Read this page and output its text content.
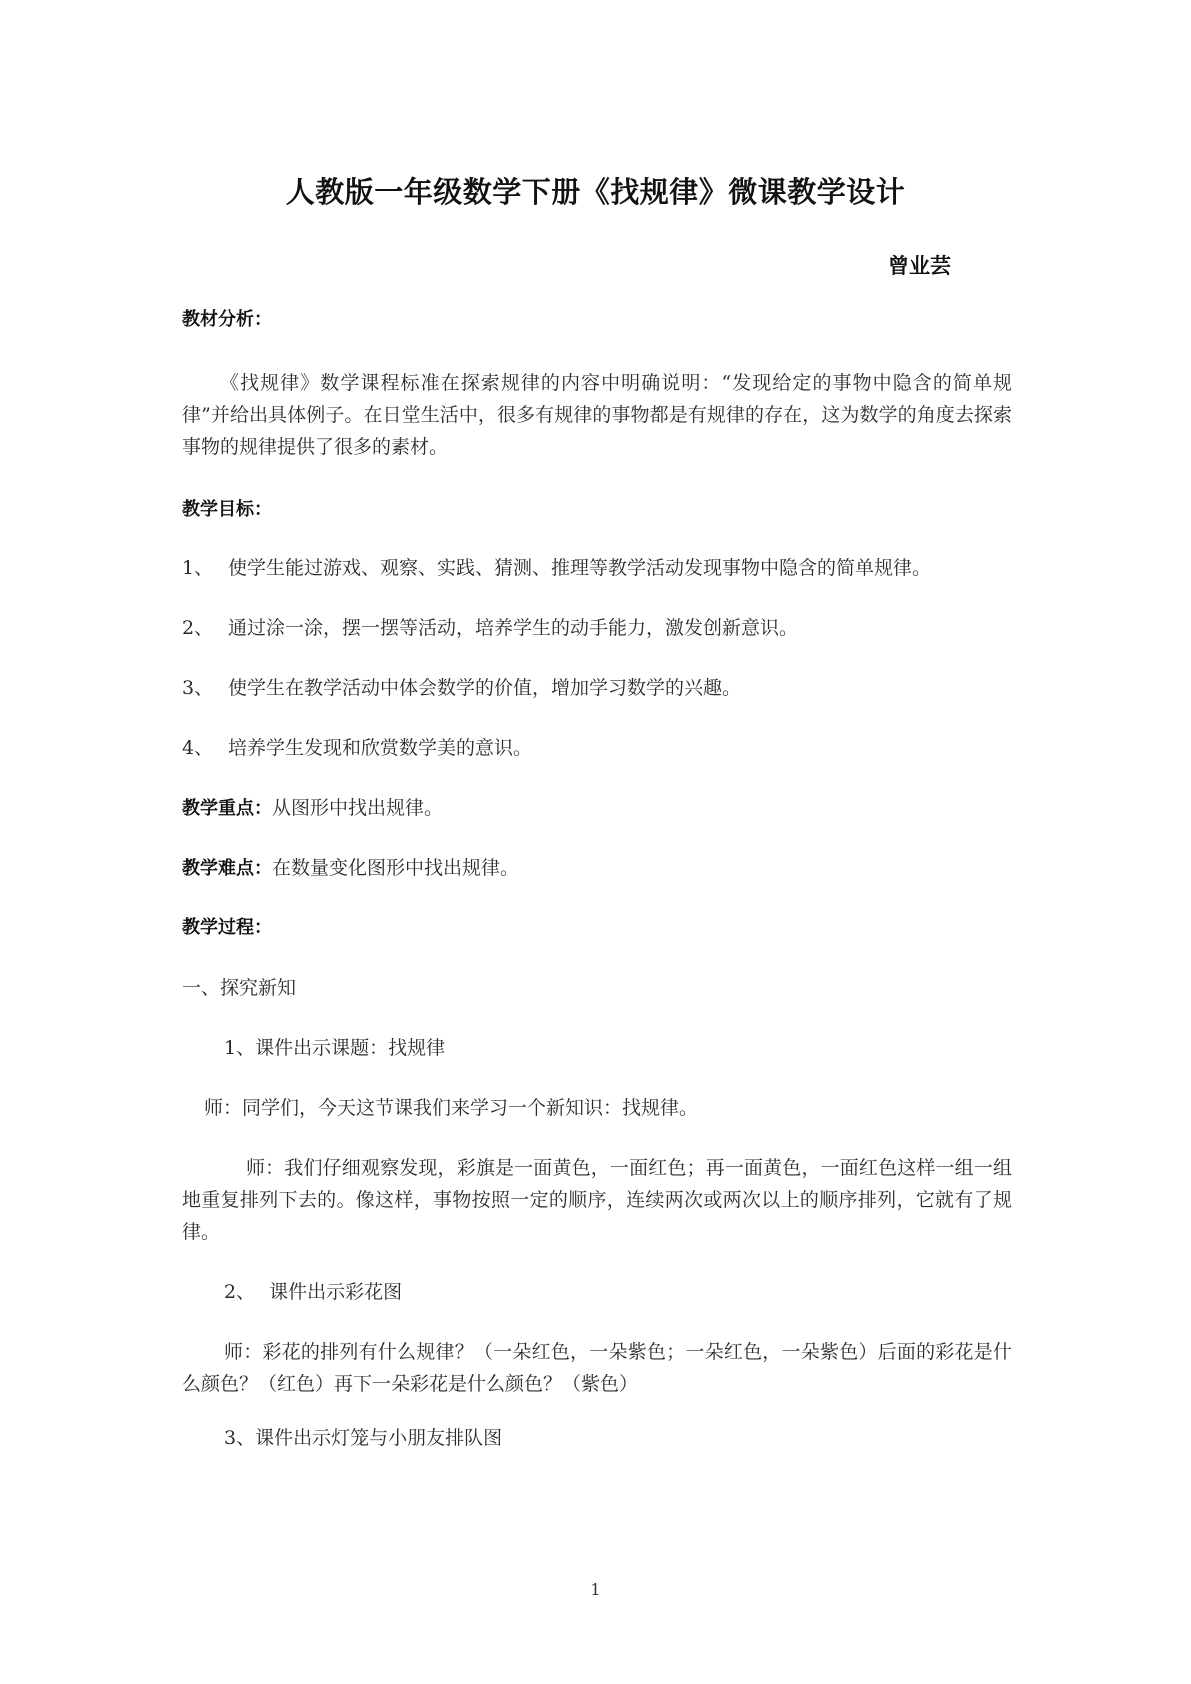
人教版一年级数学下册《找规律》微课教学设计
曾业芸
教材分析：
《找规律》数学课程标准在探索规律的内容中明确说明：“发现给定的事物中隐含的简单规律”并给出具体例子。在日堂生活中，很多有规律的事物都是有规律的存在，这为数学的角度去探索事物的规律提供了很多的素材。
教学目标：
1、 使学生能过游戏、观察、实践、猜测、推理等教学活动发现事物中隐含的简单规律。
2、 通过涂一涂，摆一摆等活动，培养学生的动手能力，激发创新意识。
3、 使学生在教学活动中体会数学的价值，增加学习数学的兴趣。
4、 培养学生发现和欣赏数学美的意识。
教学重点：从图形中找出规律。
教学难点：在数量变化图形中找出规律。
教学过程：
一、探究新知
1、课件出示课题：找规律
师：同学们，今天这节课我们来学习一个新知识：找规律。
师：我们仔细观察发现，彩旗是一面黄色，一面红色；再一面黄色，一面红色这样一组一组地重复排列下去的。像这样，事物按照一定的顺序，连续两次或两次以上的顺序排列，它就有了规律。
2、 课件出示彩花图
师：彩花的排列有什么规律？（一朵红色，一朵紫色；一朵红色，一朵紫色）后面的彩花是什么颜色？（红色）再下一朵彩花是什么颜色？（紫色）
3、课件出示灯笼与小朋友排队图
1
